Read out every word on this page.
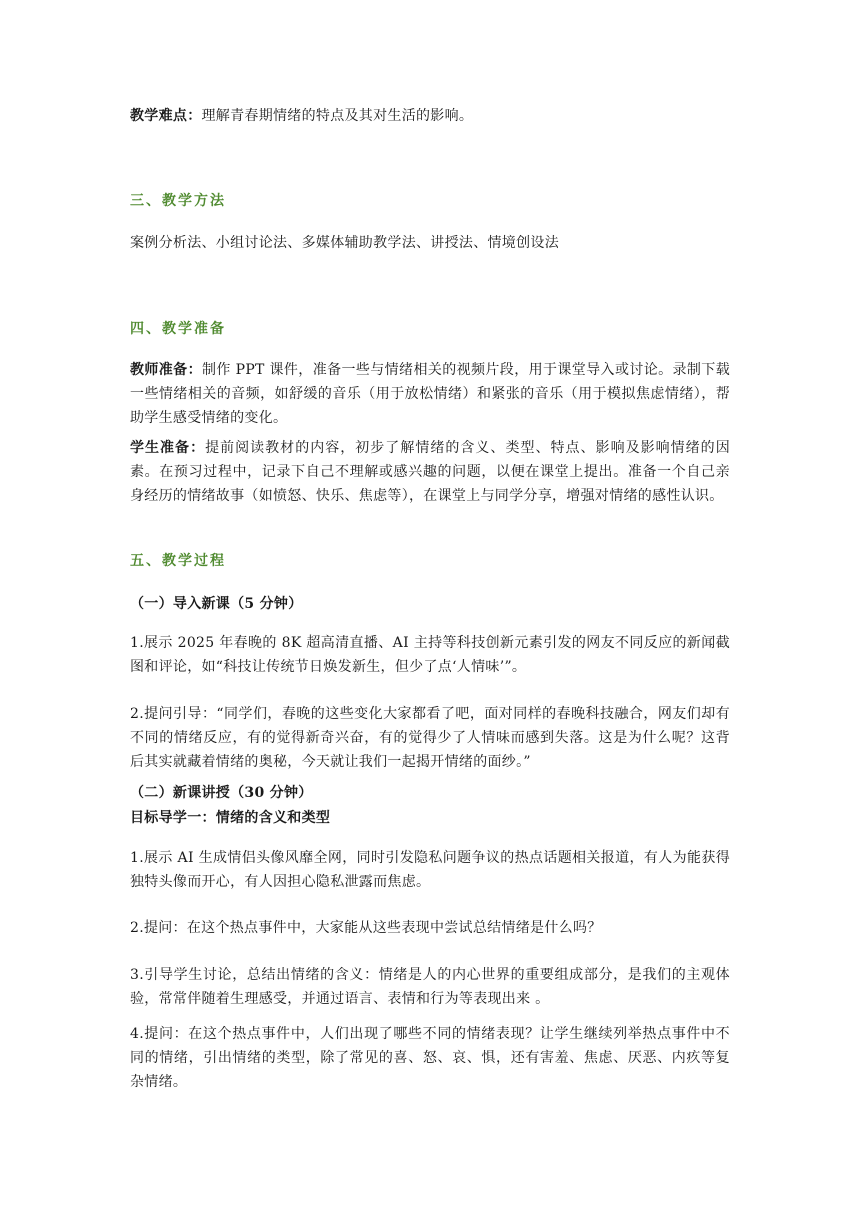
教学难点：理解青春期情绪的特点及其对生活的影响。

三、教学方法

案例分析法、小组讨论法、多媒体辅助教学法、讲授法、情境创设法

四、教学准备

教师准备：制作 PPT 课件，准备一些与情绪相关的视频片段，用于课堂导入或讨论。录制下载一些情绪相关的音频，如舒缓的音乐（用于放松情绪）和紧张的音乐（用于模拟焦虑情绪），帮助学生感受情绪的变化。

学生准备：提前阅读教材的内容，初步了解情绪的含义、类型、特点、影响及影响情绪的因素。在预习过程中，记录下自己不理解或感兴趣的问题，以便在课堂上提出。准备一个自己亲身经历的情绪故事（如愤怒、快乐、焦虑等），在课堂上与同学分享，增强对情绪的感性认识。

五、教学过程
（一）导入新课（5 分钟）

1.展示 2025 年春晚的 8K 超高清直播、AI 主持等科技创新元素引发的网友不同反应的新闻截图和评论，如“科技让传统节日焕发新生，但少了点‘人情味’”。

2.提问引导：“同学们，春晚的这些变化大家都看了吧，面对同样的春晚科技融合，网友们却有不同的情绪反应，有的觉得新奇兴奋，有的觉得少了人情味而感到失落。这是为什么呢？这背后其实就藏着情绪的奥秘，今天就让我们一起揭开情绪的面纱。”

（二）新课讲授（30 分钟）
目标导学一：情绪的含义和类型

1.展示 AI 生成情侣头像风靡全网，同时引发隐私问题争议的热点话题相关报道，有人为能获得独特头像而开心，有人因担心隐私泄露而焦虑。

2.提问：在这个热点事件中，大家能从这些表现中尝试总结情绪是什么吗？

3.引导学生讨论，总结出情绪的含义：情绪是人的内心世界的重要组成部分，是我们的主观体验，常常伴随着生理感受，并通过语言、表情和行为等表现出来 。

4.提问：在这个热点事件中，人们出现了哪些不同的情绪表现？让学生继续列举热点事件中不同的情绪，引出情绪的类型，除了常见的喜、怒、哀、惧，还有害羞、焦虑、厌恶、内疚等复杂情绪。
